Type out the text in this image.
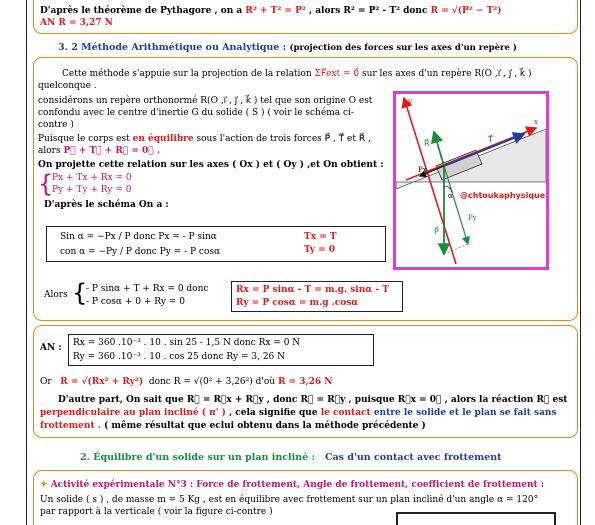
D'après le théorème de Pythagore , on a R² + T² = P² , alors R² = P² - T² donc R = √(P² − T²)
AN R = 3,27 N
3. 2 Méthode Arithmétique ou Analytique : (projection des forces sur les axes d'un repère )
Cette méthode s'appuie sur la projection de la relation ΣF⃗ext = 0⃗ sur les axes d'un repère R(O ,i⃗ , j⃗ , k⃗ )
quelconque .
considérons un repère orthonormé R(O ,i⃗ , j⃗ , k⃗ ) tel que son origine O est
confondu avec le centre d'inertie G du solide ( S ) ( voir le schéma ci-
contre )
Puisque le corps est en équilibre sous l'action de trois forces P⃗ , T⃗ et R⃗ ,
alors P⃗ + T⃗ + R⃗ = 0⃗ .
On projette cette relation sur les axes ( Ox ) et ( Oy ) ,et On obtient :
{
Px + Tx + Rx = 0
Py + Ty + Ry = 0
D'après le schéma On a :
Sin α = −Px / P donc Px = - P sinα
con α = −Py / P donc Py = - P cosα
Tx = T
Ty = 0
Alors {
- P sinα + T + Rx = 0 donc
- P cosα + 0 + Ry = 0
Rx = P sinα - T = m.g. sinα - T
Ry = P cosα = m.g .cosα
@chtoukaphysique
y
x
T⃗
R⃗
P⃗
Py
Px
α
AN : Rx = 360 .10⁻³ . 10 . sin 25 - 1,5 N donc Rx = 0 N
Ry = 360 .10⁻³ . 10 . cos 25 donc Ry = 3, 26 N
Or R = √(Rx² + Ry²) donc R = √(0² + 3,26²) d'où R = 3,26 N
D'autre part, On sait que R⃗ = R⃗x + R⃗y , donc R⃗ = R⃗y , puisque R⃗x = 0⃗ , alors la réaction R⃗ est
perpendiculaire au plan incliné ( π' ) , cela signifie que le contact entre le solide et le plan se fait sans
frottement . ( même résultat que eclui obtenu dans la méthode précédente )
2. Équilibre d'un solide sur un plan incliné : Cas d'un contact avec frottement
✦ Activité expérimentale N°3 : Force de frottement, Angle de frottement, coefficient de frottement :
Un solide ( s ) , de masse m = 5 Kg , est en équilibre avec frottement sur un plan incliné d'un angle α = 120°
par rapport à la verticale ( voir la figure ci-contre )
